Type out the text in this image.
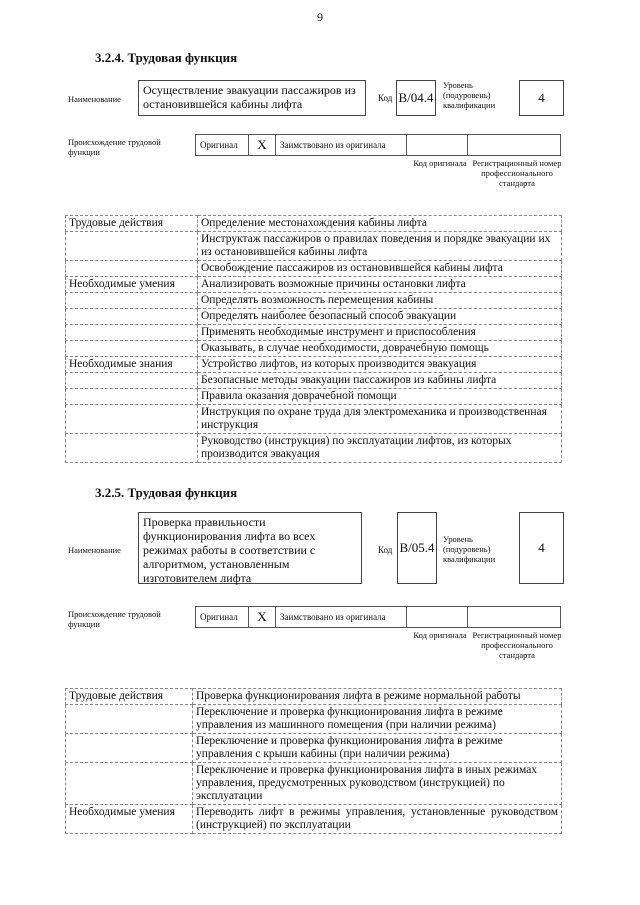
9
3.2.4. Трудовая функция
Наименование
Осуществление эвакуации пассажиров из остановившейся кабины лифта	Код В/04.4
Уровень (подуровень) квалификации	4
Происхождение трудовой функции
Оригинал	X	Заимствовано из оригинала		
Код оригинала Регистрационный номер профессионального стандарта
Трудовые действия	Определение местонахождения кабины лифта
	Инструктаж пассажиров о правилах поведения и порядке эвакуации их из остановившейся кабины лифта
	Освобождение пассажиров из остановившейся кабины лифта
Необходимые умения	Анализировать возможные причины остановки лифта
	Определять возможность перемещения кабины
	Определять наиболее безопасный способ эвакуации
	Применять необходимые инструмент и приспособления
	Оказывать, в случае необходимости, доврачебную помощь
Необходимые знания	Устройство лифтов, из которых производится эвакуация
	Безопасные методы эвакуации пассажиров из кабины лифта
	Правила оказания доврачебной помощи
	Инструкция по охране труда для электромеханика и производственная инструкция
	Руководство (инструкция) по эксплуатации лифтов, из которых производится эвакуация
3.2.5. Трудовая функция
Наименование
Проверка правильности функционирования лифта во всех режимах работы в соответствии с алгоритмом, установленным изготовителем лифта
Код В/05.4
Уровень (подуровень) квалификации
4
Происхождение трудовой функции
Оригинал	X	Заимствовано из оригинала		
Код оригинала Регистрационный номер профессионального стандарта
Трудовые действия	Проверка функционирования лифта в режиме нормальной работы
	Переключение и проверка функционирования лифта в режиме управления из машинного помещения (при наличии режима)
	Переключение и проверка функционирования лифта в режиме управления с крыши кабины (при наличии режима)
	Переключение и проверка функционирования лифта в иных режимах управления, предусмотренных руководством (инструкцией) по эксплуатации
Необходимые умения	Переводить лифт в режимы управления, установленные руководством (инструкцией) по эксплуатации
